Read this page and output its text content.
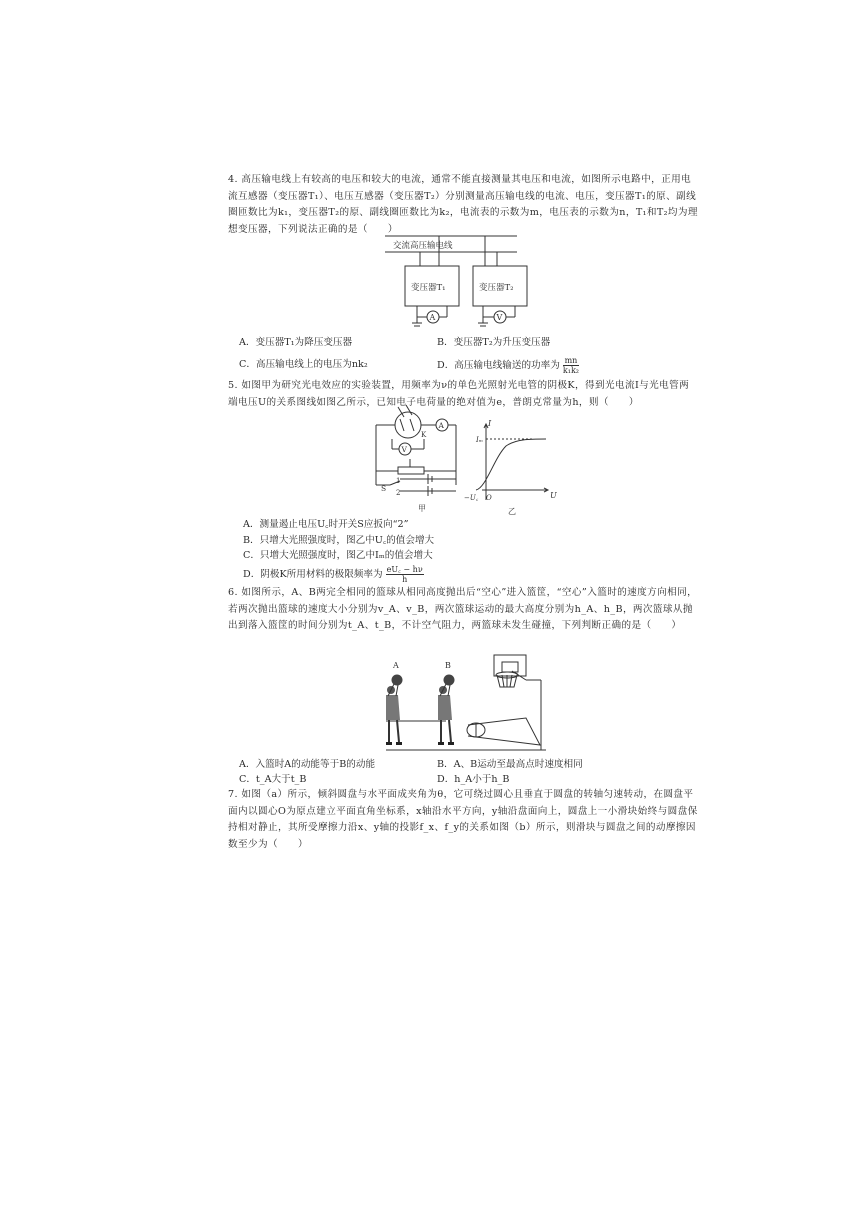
4. 高压输电线上有较高的电压和较大的电流，通常不能直接测量其电压和电流，如图所示电路中，正用电流互感器（变压器T₁）、电压互感器（变压器T₂）分别测量高压输电线的电流、电压，变压器T₁的原、副线圈匝数比为k₁，变压器T₂的原、副线圈匝数比为k₂，电流表的示数为m，电压表的示数为n，T₁和T₂均为理想变压器，下列说法正确的是（　　）
交流高压输电线
变压器T₁	变压器T₂
A	V
A．变压器T₁为降压变压器	B．变压器T₂为升压变压器
C．高压输电线上的电压为nk₂	D．高压输电线输送的功率为 $\frac{mn}{\text{k₁k₂}}$
5. 如图甲为研究光电效应的实验装置，用频率为ν的单色光照射光电管的阴极K，得到光电流I与光电管两端电压U的关系图线如图乙所示，已知电子电荷量的绝对值为e，普朗克常量为h，则（　　）
K
A
V
S
1
2
甲
I
U
Iₘ
−U꜀ O
乙
A．测量遏止电压U꜀时开关S应扳向“2”
B．只增大光照强度时，图乙中U꜀的值会增大
C．只增大光照强度时，图乙中Iₘ的值会增大
D．阴极K所用材料的极限频率为 $\frac{eU꜀ - h\nu}{h}$
6. 如图所示，A、B两完全相同的篮球从相同高度抛出后“空心”进入篮筐，“空心”入篮时的速度方向相同，若两次抛出篮球的速度大小分别为v_A、v_B，两次篮球运动的最大高度分别为h_A、h_B，两次篮球从抛出到落入篮筐的时间分别为t_A、t_B，不计空气阻力，两篮球未发生碰撞，下列判断正确的是（　　）
A	B
A．入篮时A的动能等于B的动能	B．A、B运动至最高点时速度相同
C．t_A大于t_B	D．h_A小于h_B
7. 如图（a）所示，倾斜圆盘与水平面成夹角为θ，它可绕过圆心且垂直于圆盘的转轴匀速转动，在圆盘平面内以圆心O为原点建立平面直角坐标系，x轴沿水平方向，y轴沿盘面向上，圆盘上一小滑块始终与圆盘保持相对静止，其所受摩擦力沿x、y轴的投影f_x、f_y的关系如图（b）所示，则滑块与圆盘之间的动摩擦因数至少为（　　）
